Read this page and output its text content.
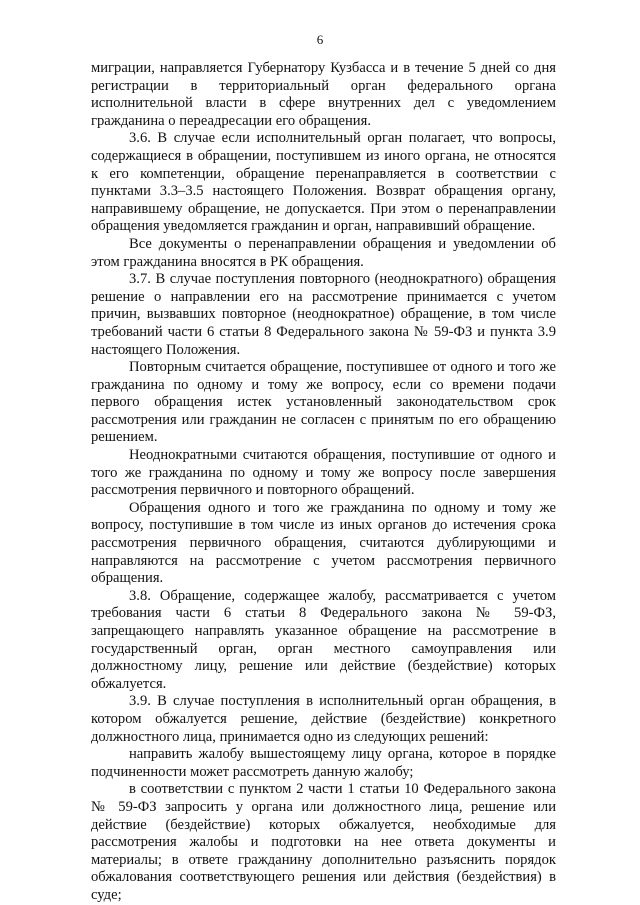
6

миграции, направляется Губернатору Кузбасса и в течение 5 дней со дня регистрации в территориальный орган федерального органа исполнительной власти в сфере внутренних дел с уведомлением гражданина о переадресации его обращения.

3.6. В случае если исполнительный орган полагает, что вопросы, содержащиеся в обращении, поступившем из иного органа, не относятся к его компетенции, обращение перенаправляется в соответствии с пунктами 3.3–3.5 настоящего Положения. Возврат обращения органу, направившему обращение, не допускается. При этом о перенаправлении обращения уведомляется гражданин и орган, направивший обращение.

Все документы о перенаправлении обращения и уведомлении об этом гражданина вносятся в РК обращения.

3.7. В случае поступления повторного (неоднократного) обращения решение о направлении его на рассмотрение принимается с учетом причин, вызвавших повторное (неоднократное) обращение, в том числе требований части 6 статьи 8 Федерального закона № 59-ФЗ и пункта 3.9 настоящего Положения.

Повторным считается обращение, поступившее от одного и того же гражданина по одному и тому же вопросу, если со времени подачи первого обращения истек установленный законодательством срок рассмотрения или гражданин не согласен с принятым по его обращению решением.

Неоднократными считаются обращения, поступившие от одного и того же гражданина по одному и тому же вопросу после завершения рассмотрения первичного и повторного обращений.

Обращения одного и того же гражданина по одному и тому же вопросу, поступившие в том числе из иных органов до истечения срока рассмотрения первичного обращения, считаются дублирующими и направляются на рассмотрение с учетом рассмотрения первичного обращения.

3.8. Обращение, содержащее жалобу, рассматривается с учетом требования части 6 статьи 8 Федерального закона № 59-ФЗ, запрещающего направлять указанное обращение на рассмотрение в государственный орган, орган местного самоуправления или должностному лицу, решение или действие (бездействие) которых обжалуется.

3.9. В случае поступления в исполнительный орган обращения, в котором обжалуется решение, действие (бездействие) конкретного должностного лица, принимается одно из следующих решений:

направить жалобу вышестоящему лицу органа, которое в порядке подчиненности может рассмотреть данную жалобу;

в соответствии с пунктом 2 части 1 статьи 10 Федерального закона № 59-ФЗ запросить у органа или должностного лица, решение или действие (бездействие) которых обжалуется, необходимые для рассмотрения жалобы и подготовки на нее ответа документы и материалы; в ответе гражданину дополнительно разъяснить порядок обжалования соответствующего решения или действия (бездействия) в суде;
